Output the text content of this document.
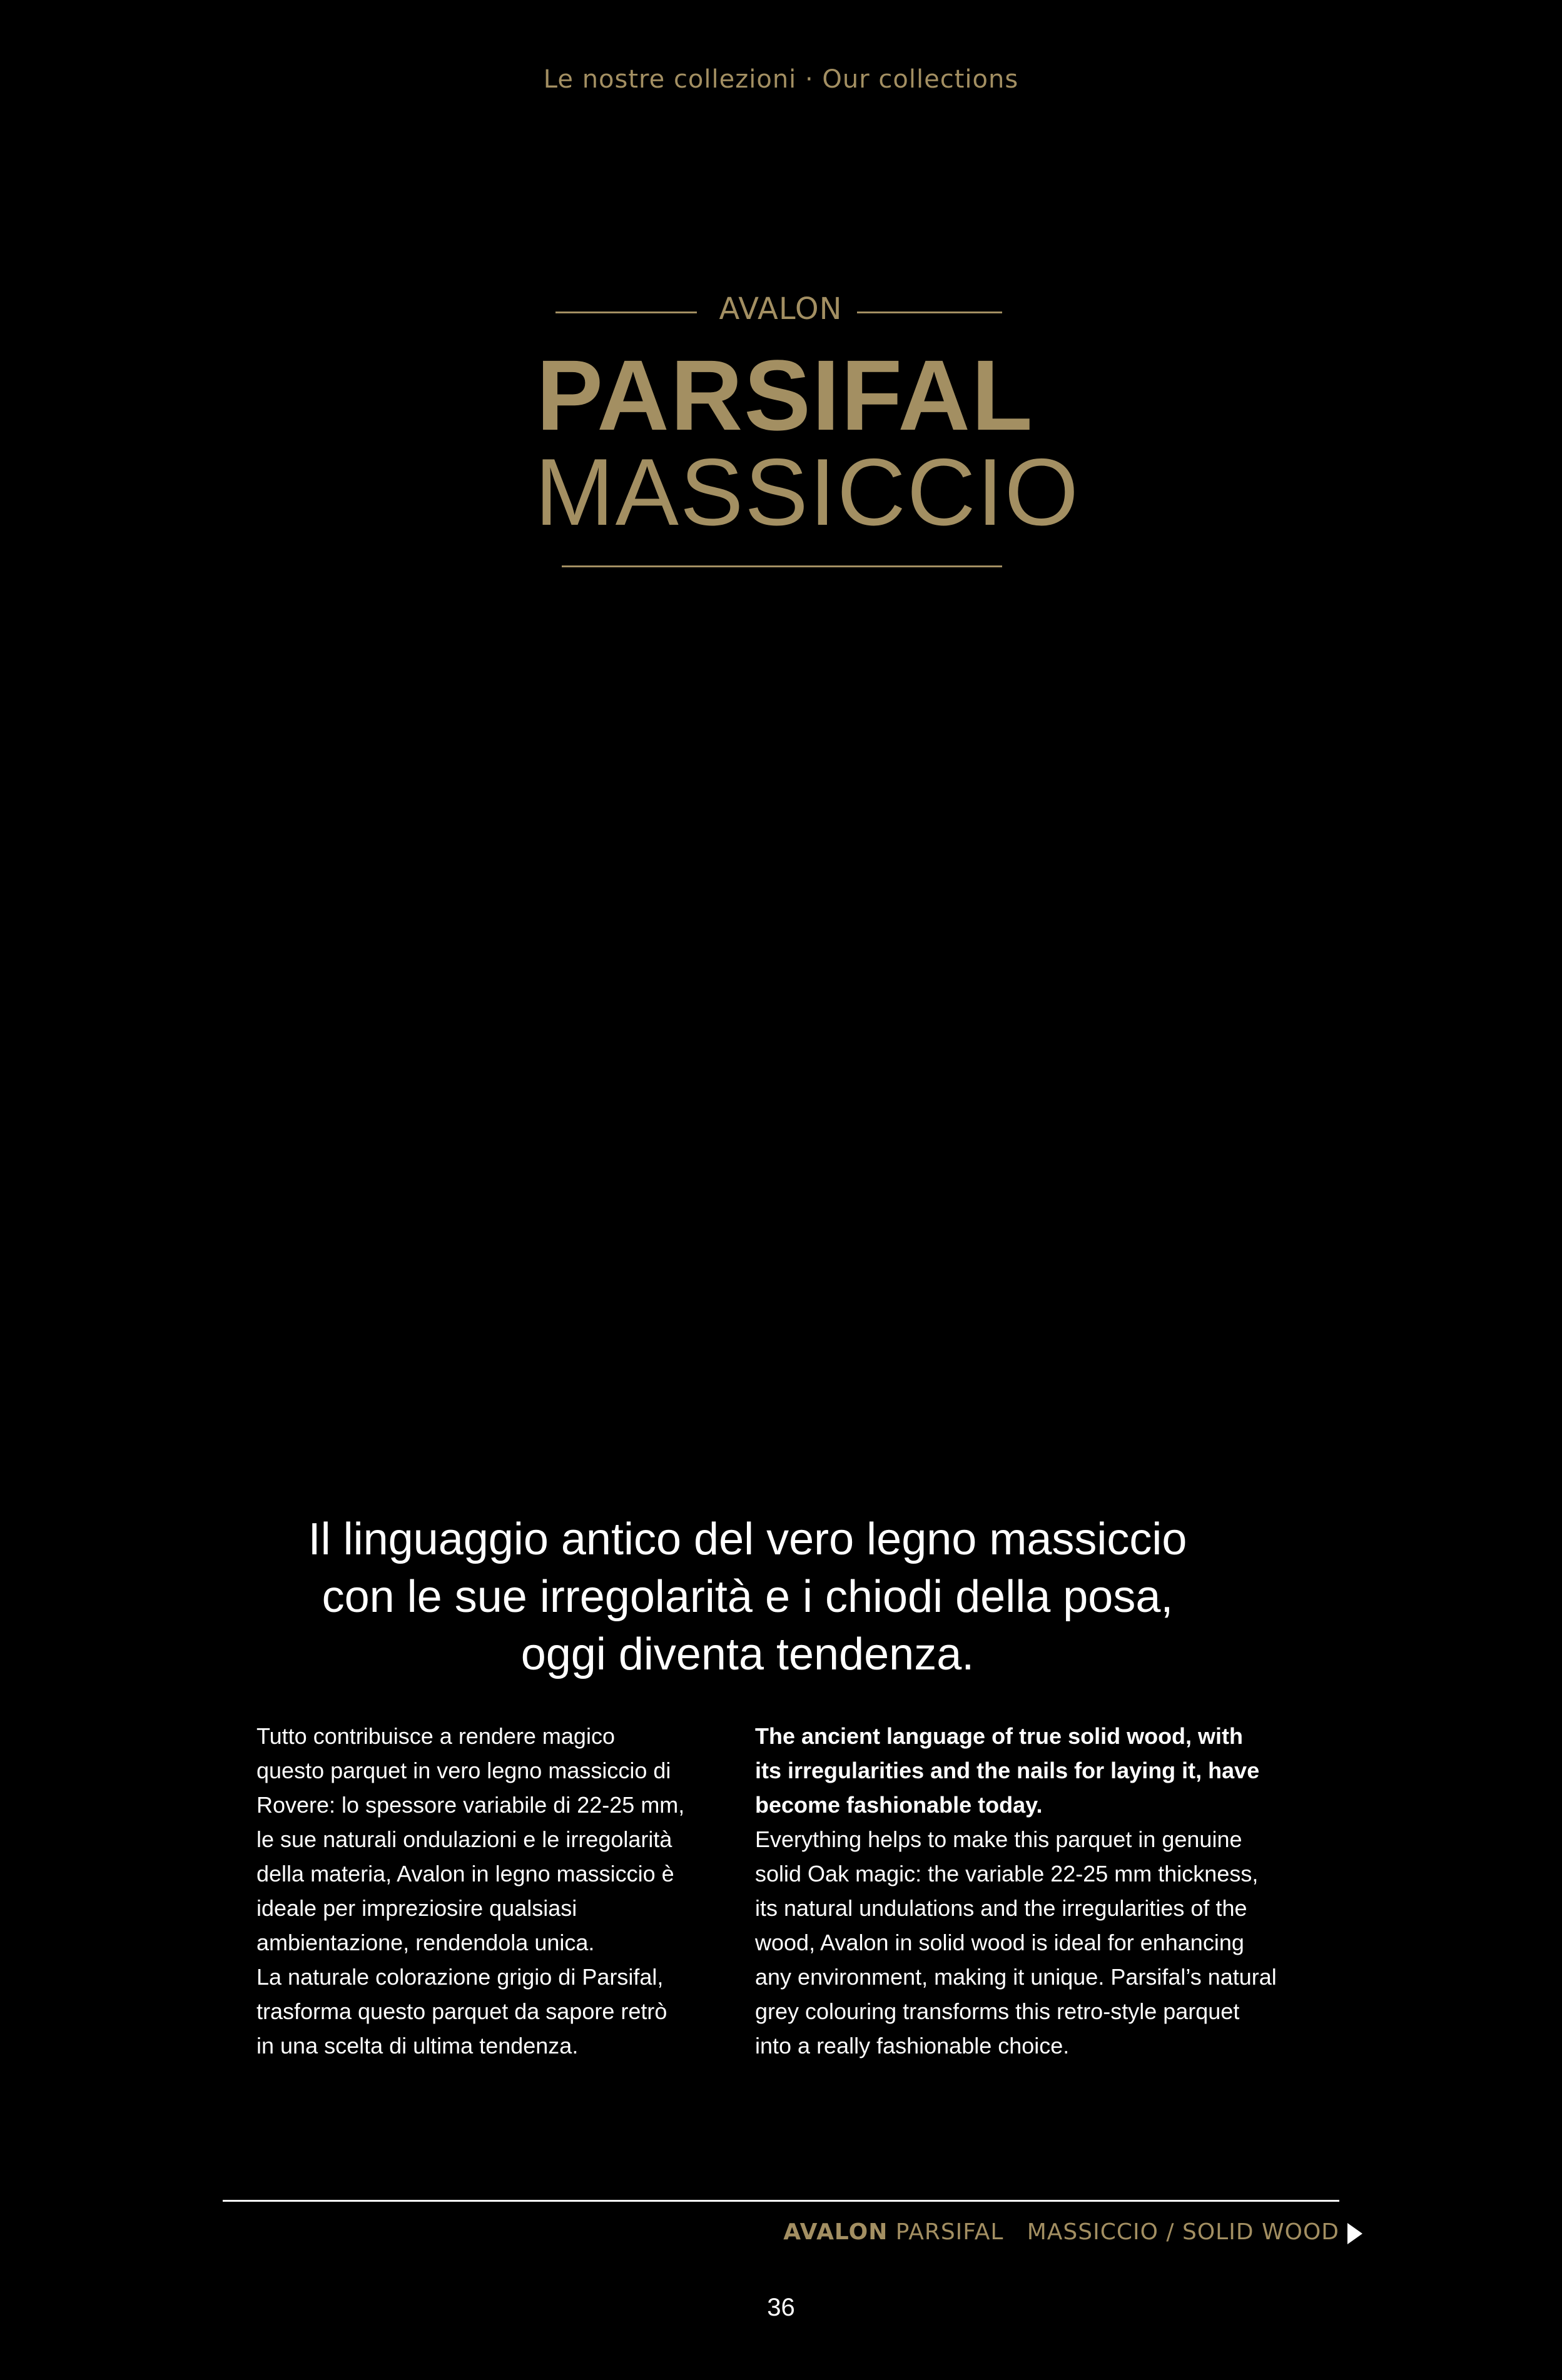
Le nostre collezioni · Our collections
AVALON
PARSIFAL
MASSICCIO
Il linguaggio antico del vero legno massiccio
con le sue irregolarità e i chiodi della posa,
oggi diventa tendenza.
Tutto contribuisce a rendere magico
questo parquet in vero legno massiccio di
Rovere: lo spessore variabile di 22-25 mm,
le sue naturali ondulazioni e le irregolarità
della materia, Avalon in legno massiccio è
ideale per impreziosire qualsiasi
ambientazione, rendendola unica.
La naturale colorazione grigio di Parsifal,
trasforma questo parquet da sapore retrò
in una scelta di ultima tendenza.
The ancient language of true solid wood, with
its irregularities and the nails for laying it, have
become fashionable today.
Everything helps to make this parquet in genuine
solid Oak magic: the variable 22-25 mm thickness,
its natural undulations and the irregularities of the
wood, Avalon in solid wood is ideal for enhancing
any environment, making it unique. Parsifal’s natural
grey colouring transforms this retro-style parquet
into a really fashionable choice.
AVALON PARSIFAL MASSICCIO / SOLID WOOD
36
